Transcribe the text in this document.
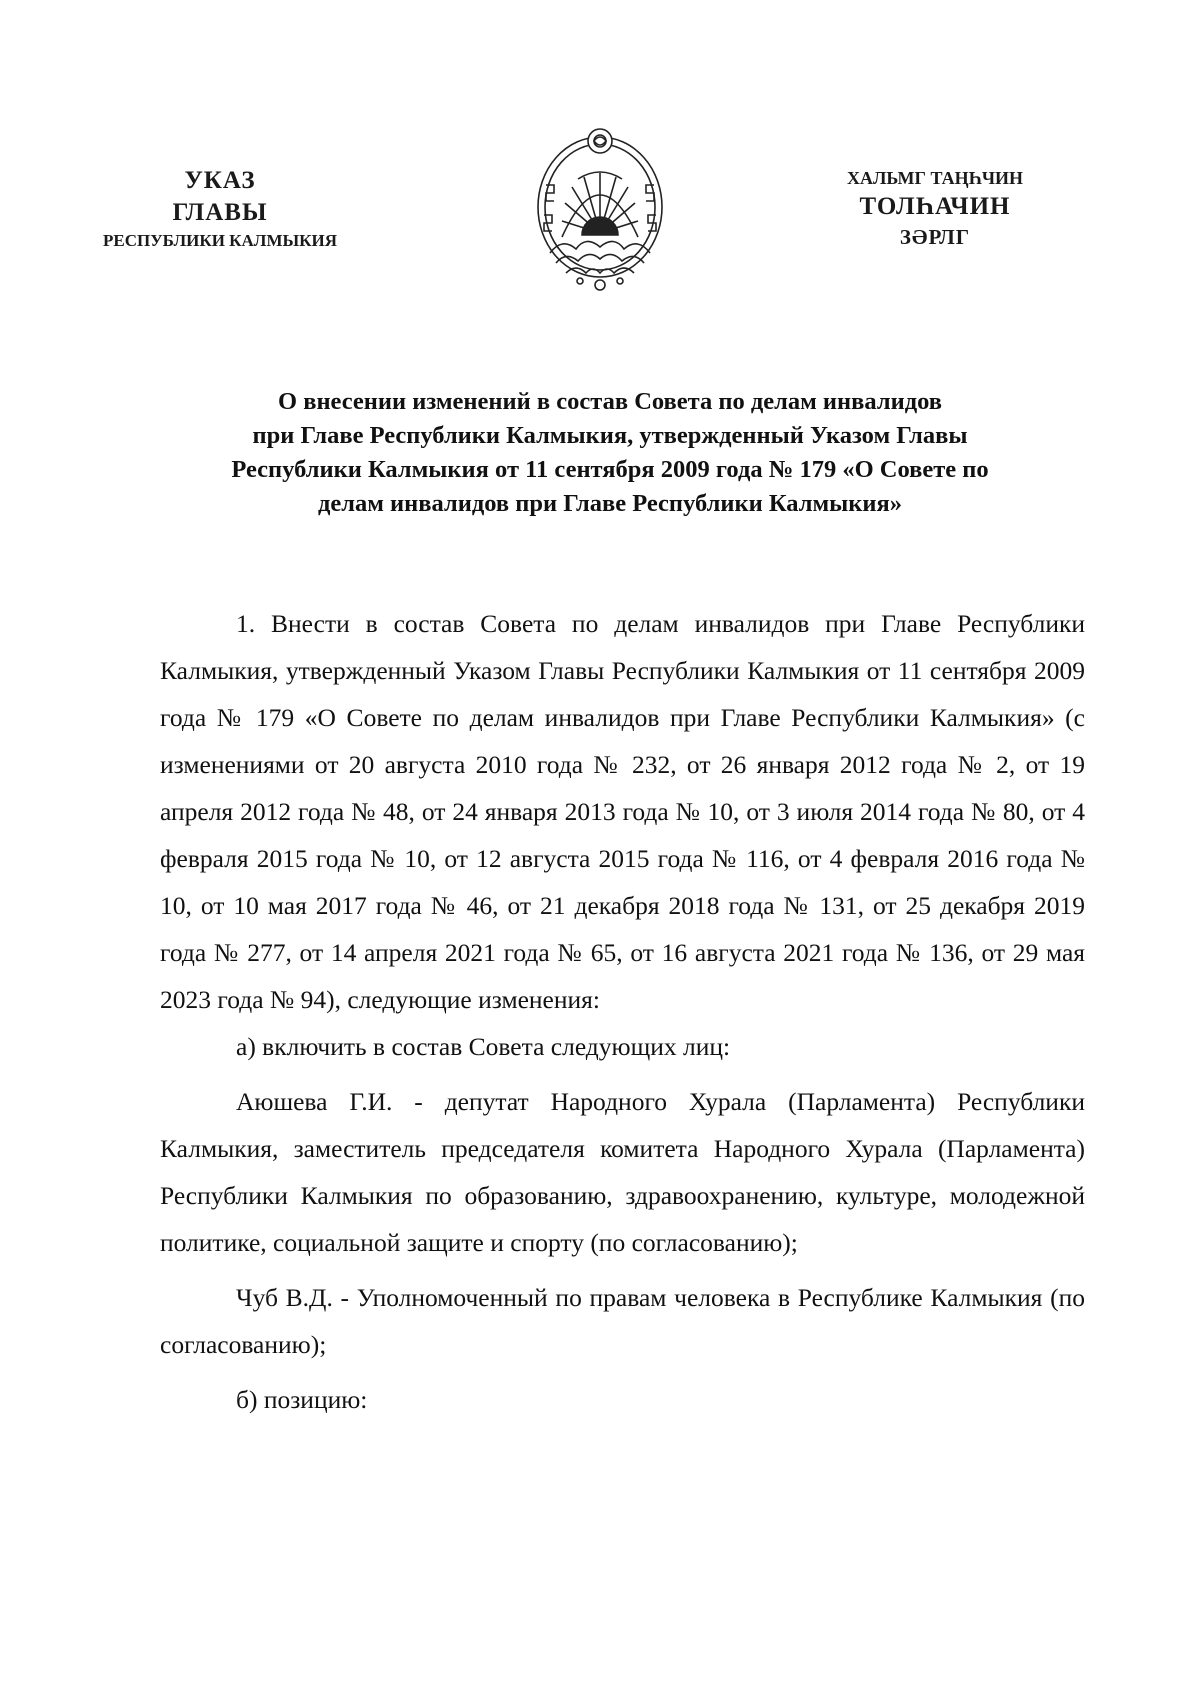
УКАЗ
ГЛАВЫ
РЕСПУБЛИКИ КАЛМЫКИЯ
ХАЛЬМГ ТАҢҺЧИН
ТОЛҺАЧИН
ЗӘРЛГ
О внесении изменений в состав Совета по делам инвалидов
при Главе Республики Калмыкия, утвержденный Указом Главы
Республики Калмыкия от 11 сентября 2009 года № 179 «О Совете по
делам инвалидов при Главе Республики Калмыкия»

1. Внести в состав Совета по делам инвалидов при Главе Республики Калмыкия, утвержденный Указом Главы Республики Калмыкия от 11 сентября 2009 года № 179 «О Совете по делам инвалидов при Главе Республики Калмыкия» (с изменениями от 20 августа 2010 года № 232, от 26 января 2012 года № 2, от 19 апреля 2012 года № 48, от 24 января 2013 года № 10, от 3 июля 2014 года № 80, от 4 февраля 2015 года № 10, от 12 августа 2015 года № 116, от 4 февраля 2016 года № 10, от 10 мая 2017 года № 46, от 21 декабря 2018 года № 131, от 25 декабря 2019 года № 277, от 14 апреля 2021 года № 65, от 16 августа 2021 года № 136, от 29 мая 2023 года № 94), следующие изменения:

а) включить в состав Совета следующих лиц:

Аюшева Г.И. - депутат Народного Хурала (Парламента) Республики Калмыкия, заместитель председателя комитета Народного Хурала (Парламента) Республики Калмыкия по образованию, здравоохранению, культуре, молодежной политике, социальной защите и спорту (по согласованию);

Чуб В.Д. - Уполномоченный по правам человека в Республике Калмыкия (по согласованию);

б) позицию:
